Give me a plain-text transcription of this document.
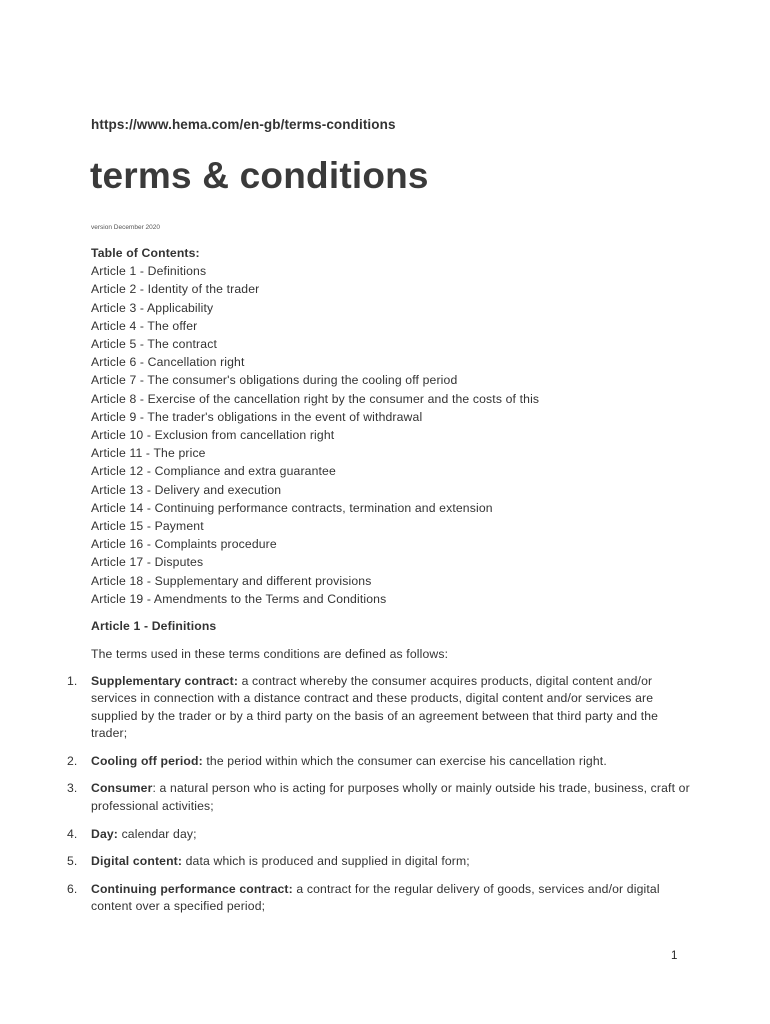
https://www.hema.com/en-gb/terms-conditions
terms & conditions
version December 2020
Table of Contents:
Article 1 - Definitions
Article 2 - Identity of the trader
Article 3 - Applicability
Article 4 - The offer
Article 5 - The contract
Article 6 - Cancellation right
Article 7 - The consumer's obligations during the cooling off period
Article 8 - Exercise of the cancellation right by the consumer and the costs of this
Article 9 - The trader's obligations in the event of withdrawal
Article 10 - Exclusion from cancellation right
Article 11 - The price
Article 12 - Compliance and extra guarantee
Article 13 - Delivery and execution
Article 14 - Continuing performance contracts, termination and extension
Article 15 - Payment
Article 16 - Complaints procedure
Article 17 - Disputes
Article 18 - Supplementary and different provisions
Article 19 - Amendments to the Terms and Conditions
Article 1 - Definitions
The terms used in these terms conditions are defined as follows:
1. Supplementary contract: a contract whereby the consumer acquires products, digital content and/or services in connection with a distance contract and these products, digital content and/or services are supplied by the trader or by a third party on the basis of an agreement between that third party and the trader;
2. Cooling off period: the period within which the consumer can exercise his cancellation right.
3. Consumer: a natural person who is acting for purposes wholly or mainly outside his trade, business, craft or professional activities;
4. Day: calendar day;
5. Digital content: data which is produced and supplied in digital form;
6. Continuing performance contract: a contract for the regular delivery of goods, services and/or digital content over a specified period;
1
